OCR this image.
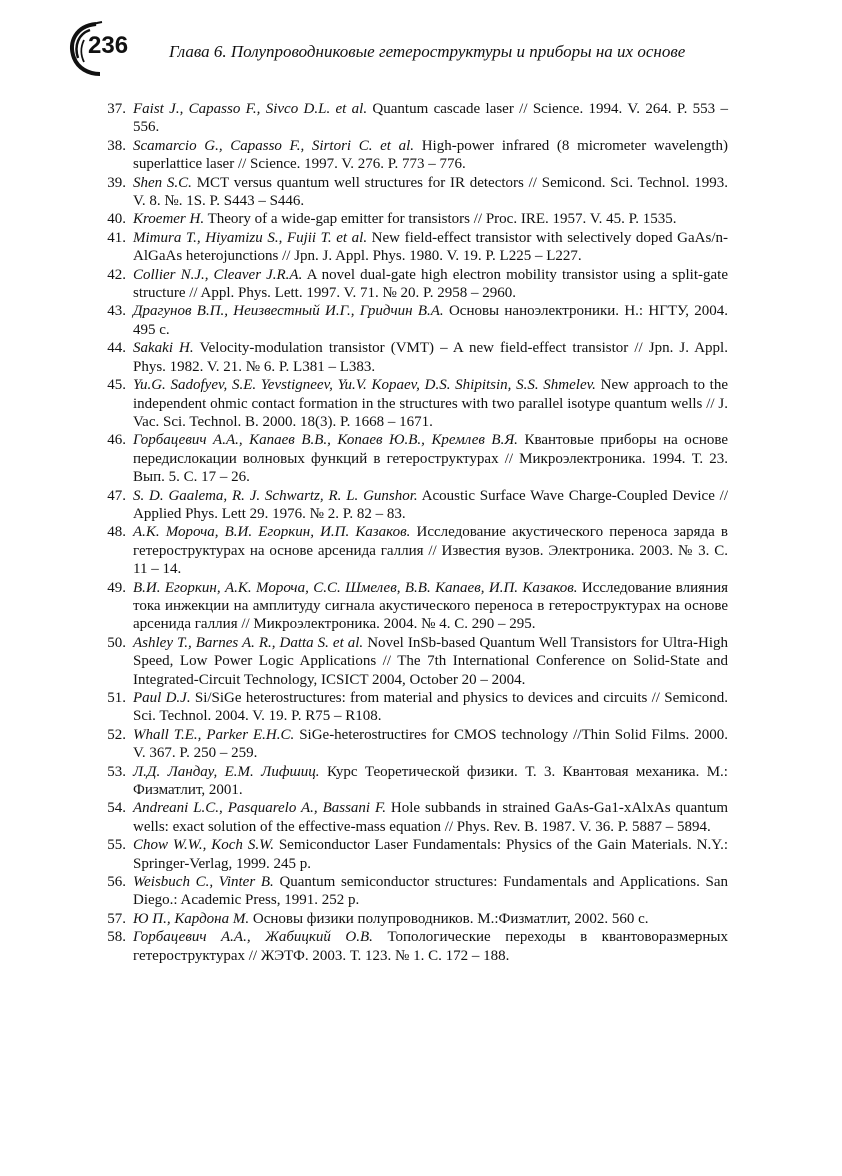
236 Глава 6. Полупроводниковые гетероструктуры и приборы на их основе
37. Faist J., Capasso F., Sivco D.L. et al. Quantum cascade laser // Science. 1994. V. 264. P. 553 – 556.
38. Scamarcio G., Capasso F., Sirtori C. et al. High-power infrared (8 micrometer wavelength) superlattice laser // Science. 1997. V. 276. P. 773 – 776.
39. Shen S.C. MCT versus quantum well structures for IR detectors // Semicond. Sci. Technol. 1993. V. 8. №. 1S. P. S443 – S446.
40. Kroemer H. Theory of a wide-gap emitter for transistors // Proc. IRE. 1957. V. 45. P. 1535.
41. Mimura T., Hiyamizu S., Fujii T. et al. New field-effect transistor with selectively doped GaAs/n-AlGaAs heterojunctions // Jpn. J. Appl. Phys. 1980. V. 19. P. L225 – L227.
42. Collier N.J., Cleaver J.R.A. A novel dual-gate high electron mobility transistor using a split-gate structure // Appl. Phys. Lett. 1997. V. 71. № 20. P. 2958 – 2960.
43. Драгунов В.П., Неизвестный И.Г., Гридчин В.А. Основы наноэлектроники. Н.: НГТУ, 2004. 495 с.
44. Sakaki H. Velocity-modulation transistor (VMT) – A new field-effect transistor // Jpn. J. Appl. Phys. 1982. V. 21. № 6. P. L381 – L383.
45. Yu.G. Sadofyev, S.E. Yevstigneev, Yu.V. Kopaev, D.S. Shipitsin, S.S. Shmelev. New approach to the independent ohmic contact formation in the structures with two parallel isotype quantum wells // J. Vac. Sci. Technol. B. 2000. 18(3). P. 1668 – 1671.
46. Горбацевич А.А., Капаев В.В., Копаев Ю.В., Кремлев В.Я. Квантовые приборы на основе передислокации волновых функций в гетероструктурах // Микроэлектроника. 1994. Т. 23. Вып. 5. С. 17 – 26.
47. S. D. Gaalema, R. J. Schwartz, R. L. Gunshor. Acoustic Surface Wave Charge-Coupled Device // Applied Phys. Lett 29. 1976. № 2. P. 82 – 83.
48. А.К. Мороча, В.И. Егоркин, И.П. Казаков. Исследование акустического переноса заряда в гетероструктурах на основе арсенида галлия // Известия вузов. Электроника. 2003. № 3. С. 11 – 14.
49. В.И. Егоркин, А.К. Мороча, С.С. Шмелев, В.В. Капаев, И.П. Казаков. Исследование влияния тока инжекции на амплитуду сигнала акустического переноса в гетероструктурах на основе арсенида галлия // Микроэлектроника. 2004. № 4. С. 290 – 295.
50. Ashley T., Barnes A. R., Datta S. et al. Novel InSb-based Quantum Well Transistors for Ultra-High Speed, Low Power Logic Applications // The 7th International Conference on Solid-State and Integrated-Circuit Technology, ICSICT 2004, October 20 – 2004.
51. Paul D.J. Si/SiGe heterostructures: from material and physics to devices and circuits // Semicond. Sci. Technol. 2004. V. 19. P. R75 – R108.
52. Whall T.E., Parker E.H.C. SiGe-heterostructires for CMOS technology //Thin Solid Films. 2000. V. 367. P. 250 – 259.
53. Л.Д. Ландау, Е.М. Лифшиц. Курс Теоретической физики. Т. 3. Квантовая механика. М.: Физматлит, 2001.
54. Andreani L.C., Pasquarelo A., Bassani F. Hole subbands in strained GaAs-Ga1-xAlxAs quantum wells: exact solution of the effective-mass equation // Phys. Rev. B. 1987. V. 36. P. 5887 – 5894.
55. Chow W.W., Koch S.W. Semiconductor Laser Fundamentals: Physics of the Gain Materials. N.Y.: Springer-Verlag, 1999. 245 p.
56. Weisbuch C., Vinter B. Quantum semiconductor structures: Fundamentals and Applications. San Diego.: Academic Press, 1991. 252 p.
57. Ю П., Кардона М. Основы физики полупроводников. М.:Физматлит, 2002. 560 с.
58. Горбацевич А.А., Жабицкий О.В. Топологические переходы в квантоворазмерных гетероструктурах // ЖЭТФ. 2003. Т. 123. № 1. С. 172 – 188.
